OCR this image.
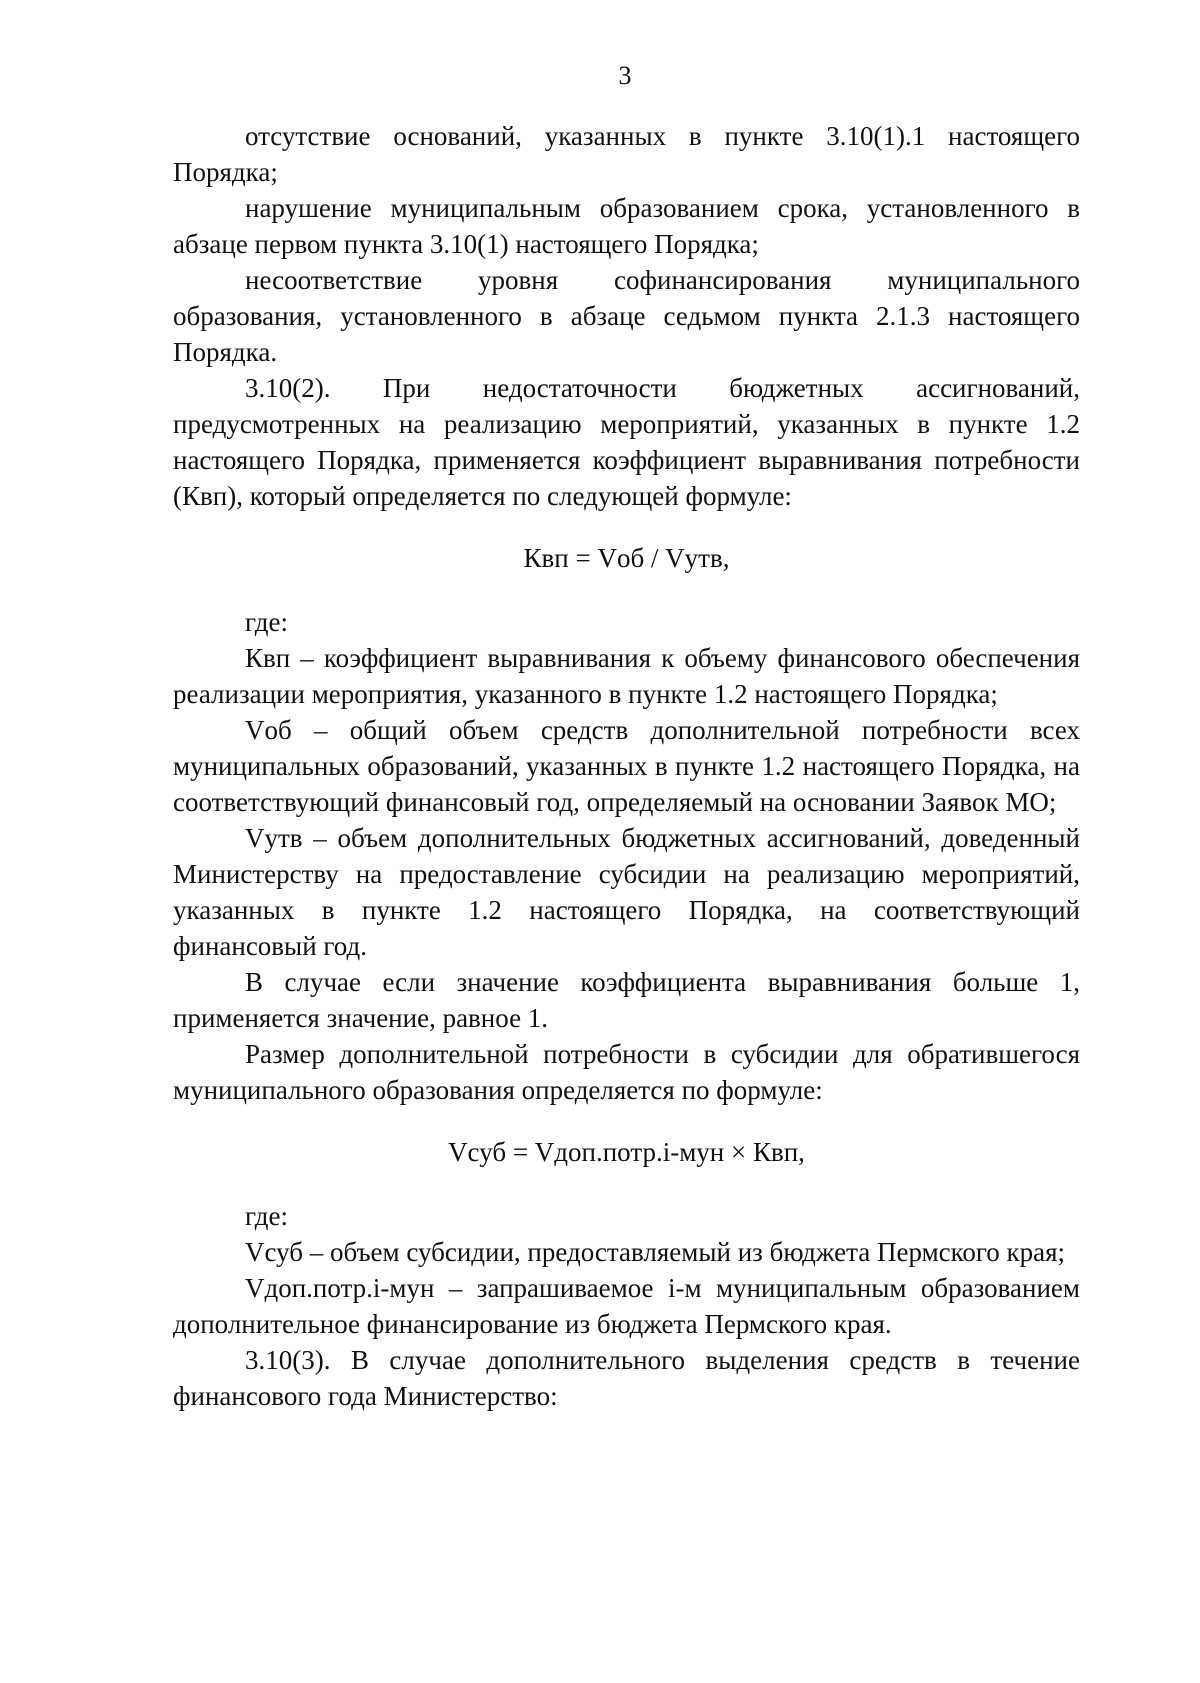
3

отсутствие оснований, указанных в пункте 3.10(1).1 настоящего Порядка;

нарушение муниципальным образованием срока, установленного в абзаце первом пункта 3.10(1) настоящего Порядка;

несоответствие уровня софинансирования муниципального образования, установленного в абзаце седьмом пункта 2.1.3 настоящего Порядка.

3.10(2). При недостаточности бюджетных ассигнований, предусмотренных на реализацию мероприятий, указанных в пункте 1.2 настоящего Порядка, применяется коэффициент выравнивания потребности (Квп), который определяется по следующей формуле:

Квп = Vоб / Vутв,

где:

Квп – коэффициент выравнивания к объему финансового обеспечения реализации мероприятия, указанного в пункте 1.2 настоящего Порядка;

Vоб – общий объем средств дополнительной потребности всех муниципальных образований, указанных в пункте 1.2 настоящего Порядка, на соответствующий финансовый год, определяемый на основании Заявок МО;

Vутв – объем дополнительных бюджетных ассигнований, доведенный Министерству на предоставление субсидии на реализацию мероприятий, указанных в пункте 1.2 настоящего Порядка, на соответствующий финансовый год.

В случае если значение коэффициента выравнивания больше 1, применяется значение, равное 1.

Размер дополнительной потребности в субсидии для обратившегося муниципального образования определяется по формуле:

Vсуб = Vдоп.потр.i-мун × Квп,

где:

Vсуб – объем субсидии, предоставляемый из бюджета Пермского края;

Vдоп.потр.i-мун – запрашиваемое i-м муниципальным образованием дополнительное финансирование из бюджета Пермского края.

3.10(3). В случае дополнительного выделения средств в течение финансового года Министерство:
